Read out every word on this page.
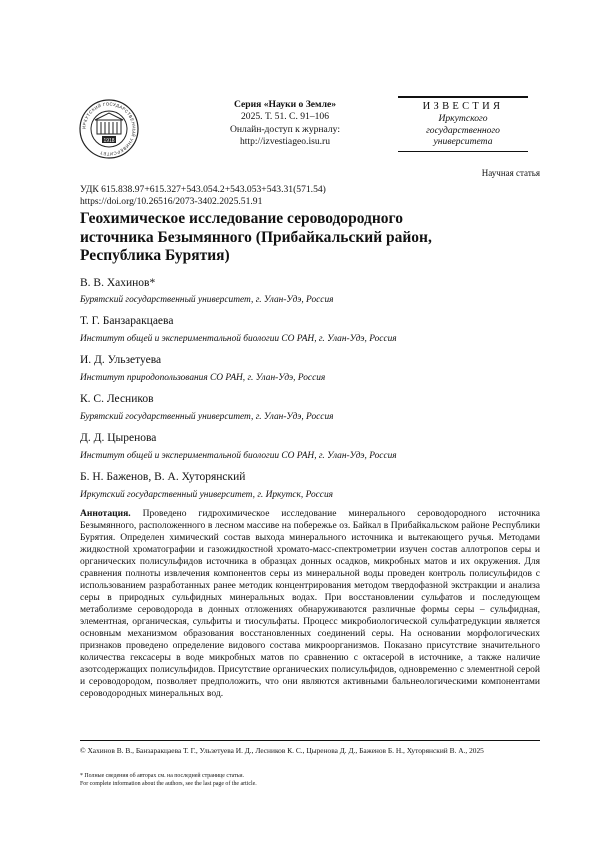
ИРКУТСКИЙ ГОСУДАРСТВЕННЫЙ УНИВЕРСИТЕТ
1918
Серия «Науки о Земле»
2025. Т. 51. С. 91–106
Онлайн-доступ к журналу:
http://izvestiageo.isu.ru
ИЗВЕСТИЯ
Иркутского
государственного
университета
Научная статья
УДК 615.838.97+615.327+543.054.2+543.053+543.31(571.54)
https://doi.org/10.26516/2073-3402.2025.51.91
Геохимическое исследование сероводородного
источника Безымянного (Прибайкальский район,
Республика Бурятия)
В. В. Хахинов*
Бурятский государственный университет, г. Улан-Удэ, Россия
Т. Г. Банзаракцаева
Институт общей и экспериментальной биологии СО РАН, г. Улан-Удэ, Россия
И. Д. Ульзетуева
Институт природопользования СО РАН, г. Улан-Удэ, Россия
К. С. Лесников
Бурятский государственный университет, г. Улан-Удэ, Россия
Д. Д. Цыренова
Институт общей и экспериментальной биологии СО РАН, г. Улан-Удэ, Россия
Б. Н. Баженов, В. А. Хуторянский
Иркутский государственный университет, г. Иркутск, Россия
Аннотация. Проведено гидрохимическое исследование минерального сероводородного источника Безымянного, расположенного в лесном массиве на побережье оз. Байкал в Прибайкальском районе Республики Бурятия. Определен химический состав выхода минерального источника и вытекающего ручья. Методами жидкостной хроматографии и газожидкостной хромато-масс-спектрометрии изучен состав аллотропов серы и органических полисульфидов источника в образцах донных осадков, микробных матов и их окружения. Для сравнения полноты извлечения компонентов серы из минеральной воды проведен контроль полисульфидов с использованием разработанных ранее методик концентрирования методом твердофазной экстракции и анализа серы в природных сульфидных минеральных водах. При восстановлении сульфатов и последующем метаболизме сероводорода в донных отложениях обнаруживаются различные формы серы – сульфидная, элементная, органическая, сульфиты и тиосульфаты. Процесс микробиологической сульфатредукции является основным механизмом образования восстановленных соединений серы. На основании морфологических признаков проведено определение видового состава микроорганизмов. Показано присутствие значительного количества гексасеры в воде микробных матов по сравнению с октасерой в источнике, а также наличие азотсодержащих полисульфидов. Присутствие органических полисульфидов, одновременно с элементной серой и сероводородом, позволяет предположить, что они являются активными бальнеологическими компонентами сероводородных минеральных вод.
© Хахинов В. В., Банзаракцаева Т. Г., Ульзетуева И. Д., Лесников К. С., Цыренова Д. Д., Баженов Б. Н., Хуторянский В. А., 2025
* Полные сведения об авторах см. на последней странице статьи.
For complete information about the authors, see the last page of the article.
